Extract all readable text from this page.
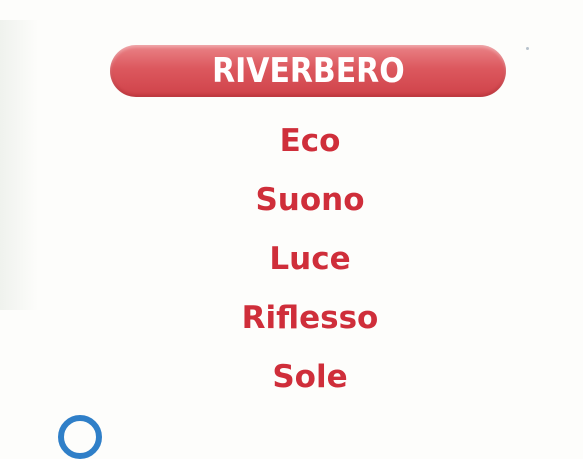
RIVERBERO
Eco
Suono
Luce
Riflesso
Sole
